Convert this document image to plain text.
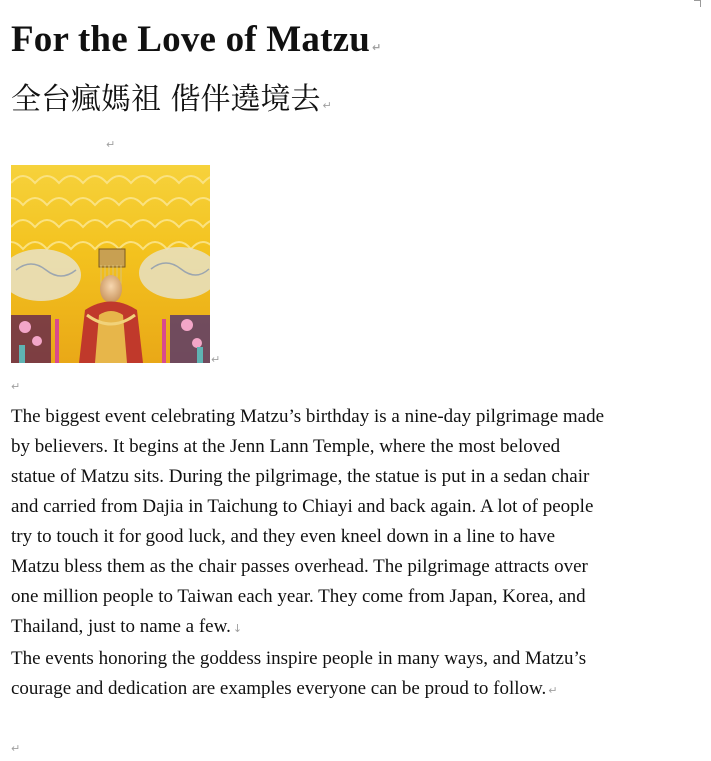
For the Love of Matzu ↵
全台瘋媽祖 偕伴遶境去 ↵
↵
↵
↵

The biggest event celebrating Matzu’s birthday is a nine-day pilgrimage made
by believers. It begins at the Jenn Lann Temple, where the most beloved
statue of Matzu sits. During the pilgrimage, the statue is put in a sedan chair
and carried from Dajia in Taichung to Chiayi and back again. A lot of people
try to touch it for good luck, and they even kneel down in a line to have
Matzu bless them as the chair passes overhead. The pilgrimage attracts over
one million people to Taiwan each year. They come from Japan, Korea, and
Thailand, just to name a few. ↓

The events honoring the goddess inspire people in many ways, and Matzu’s
courage and dedication are examples everyone can be proud to follow. ↵

↵
